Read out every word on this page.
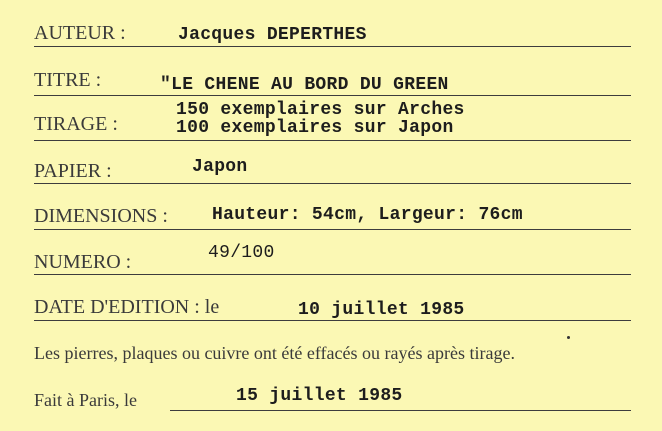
AUTEUR :	Jacques DEPERTHES
TITRE :	"LE CHENE AU BORD DU GREEN
TIRAGE :
150 exemplaires sur Arches
100 exemplaires sur Japon
PAPIER :	Japon
DIMENSIONS : Hauteur: 54cm, Largeur: 76cm
NUMERO :	49/100
DATE D'EDITION : le	10 juillet 1985
Les pierres, plaques ou cuivre ont été effacés ou rayés après tirage.
Fait à Paris, le	15 juillet 1985
